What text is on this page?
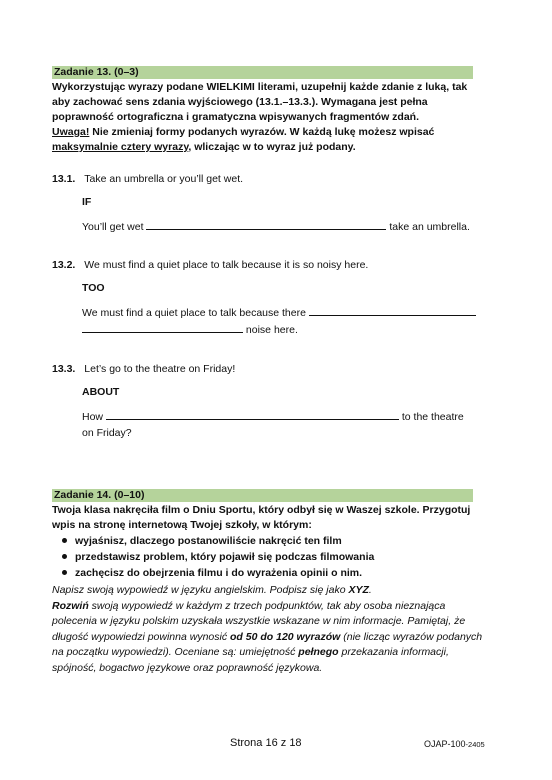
Zadanie 13. (0–3)
Wykorzystując wyrazy podane WIELKIMI literami, uzupełnij każde zdanie z luką, tak
aby zachować sens zdania wyjściowego (13.1.–13.3.). Wymagana jest pełna
poprawność ortograficzna i gramatyczna wpisywanych fragmentów zdań.
Uwaga! Nie zmieniaj formy podanych wyrazów. W każdą lukę możesz wpisać
maksymalnie cztery wyrazy, wliczając w to wyraz już podany.
13.1. Take an umbrella or you’ll get wet.
IF
You’ll get wet	take an umbrella.
13.2. We must find a quiet place to talk because it is so noisy here.
TOO
We must find a quiet place to talk because there
noise here.
13.3. Let’s go to the theatre on Friday!
ABOUT
How	to the theatre
on Friday?
Zadanie 14. (0–10)
Twoja klasa nakręciła film o Dniu Sportu, który odbył się w Waszej szkole. Przygotuj
wpis na stronę internetową Twojej szkoły, w którym:
wyjaśnisz, dlaczego postanowiliście nakręcić ten film
przedstawisz problem, który pojawił się podczas filmowania
zachęcisz do obejrzenia filmu i do wyrażenia opinii o nim.
Napisz swoją wypowiedź w języku angielskim. Podpisz się jako XYZ.
Rozwiń swoją wypowiedź w każdym z trzech podpunktów, tak aby osoba nieznająca
polecenia w języku polskim uzyskała wszystkie wskazane w nim informacje. Pamiętaj, że
długość wypowiedzi powinna wynosić od 50 do 120 wyrazów (nie licząc wyrazów podanych
na początku wypowiedzi). Oceniane są: umiejętność pełnego przekazania informacji,
spójność, bogactwo językowe oraz poprawność językowa.
Strona 16 z 18	OJAP-100-2405
